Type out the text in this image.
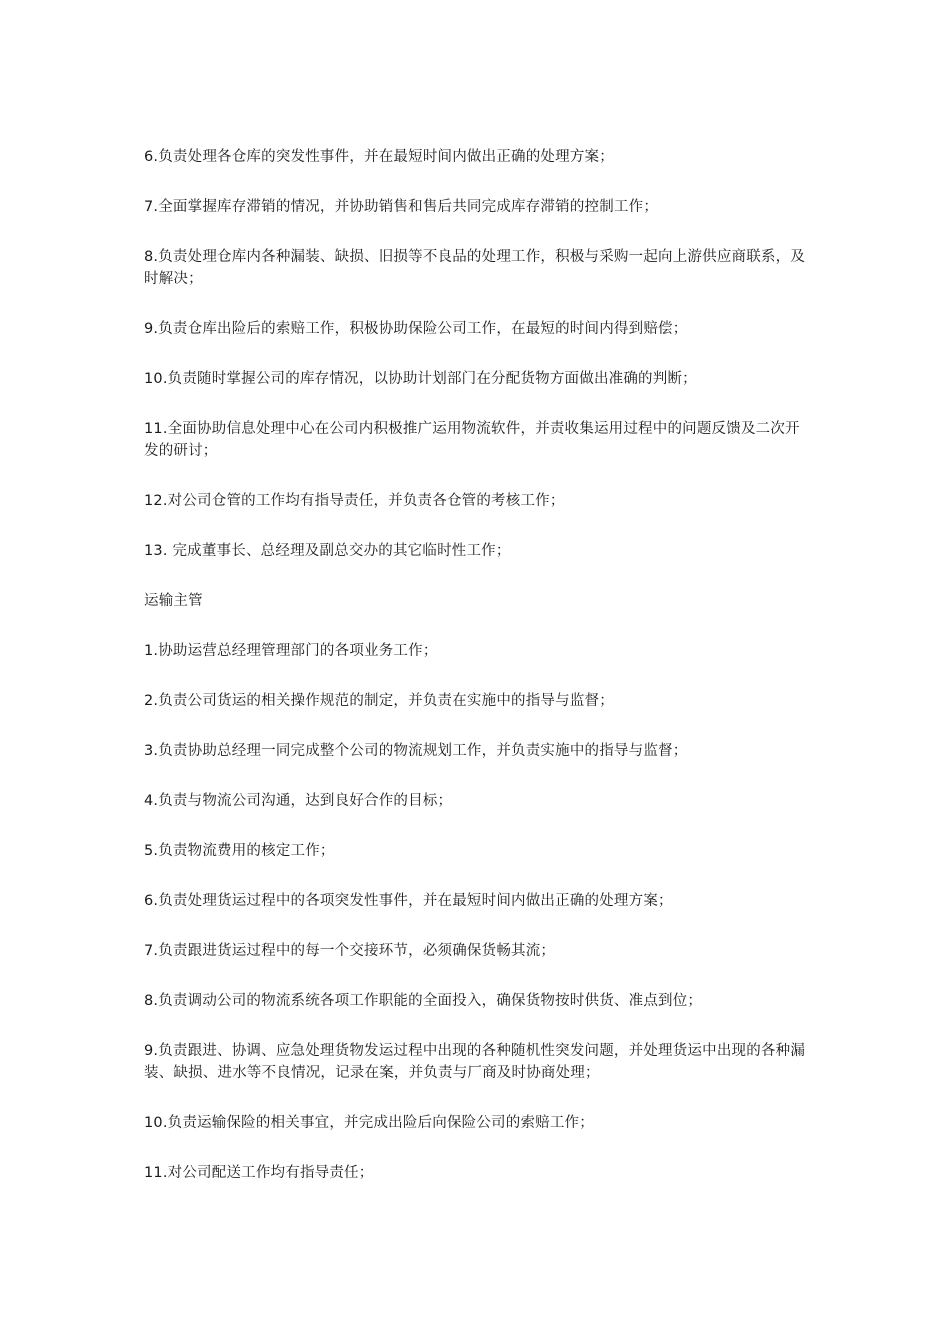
6.负责处理各仓库的突发性事件，并在最短时间内做出正确的处理方案；

7.全面掌握库存滞销的情况，并协助销售和售后共同完成库存滞销的控制工作；

8.负责处理仓库内各种漏装、缺损、旧损等不良品的处理工作，积极与采购一起向上游供应商联系，及时解决；

9.负责仓库出险后的索赔工作，积极协助保险公司工作，在最短的时间内得到赔偿；

10.负责随时掌握公司的库存情况，以协助计划部门在分配货物方面做出准确的判断；

11.全面协助信息处理中心在公司内积极推广运用物流软件，并责收集运用过程中的问题反馈及二次开发的研讨；

12.对公司仓管的工作均有指导责任，并负责各仓管的考核工作；

13. 完成董事长、总经理及副总交办的其它临时性工作；

运输主管

1.协助运营总经理管理部门的各项业务工作；

2.负责公司货运的相关操作规范的制定，并负责在实施中的指导与监督；

3.负责协助总经理一同完成整个公司的物流规划工作，并负责实施中的指导与监督；

4.负责与物流公司沟通，达到良好合作的目标；

5.负责物流费用的核定工作；

6.负责处理货运过程中的各项突发性事件，并在最短时间内做出正确的处理方案；

7.负责跟进货运过程中的每一个交接环节，必须确保货畅其流；

8.负责调动公司的物流系统各项工作职能的全面投入，确保货物按时供货、准点到位；

9.负责跟进、协调、应急处理货物发运过程中出现的各种随机性突发问题，并处理货运中出现的各种漏装、缺损、进水等不良情况，记录在案，并负责与厂商及时协商处理；

10.负责运输保险的相关事宜，并完成出险后向保险公司的索赔工作；

11.对公司配送工作均有指导责任；
